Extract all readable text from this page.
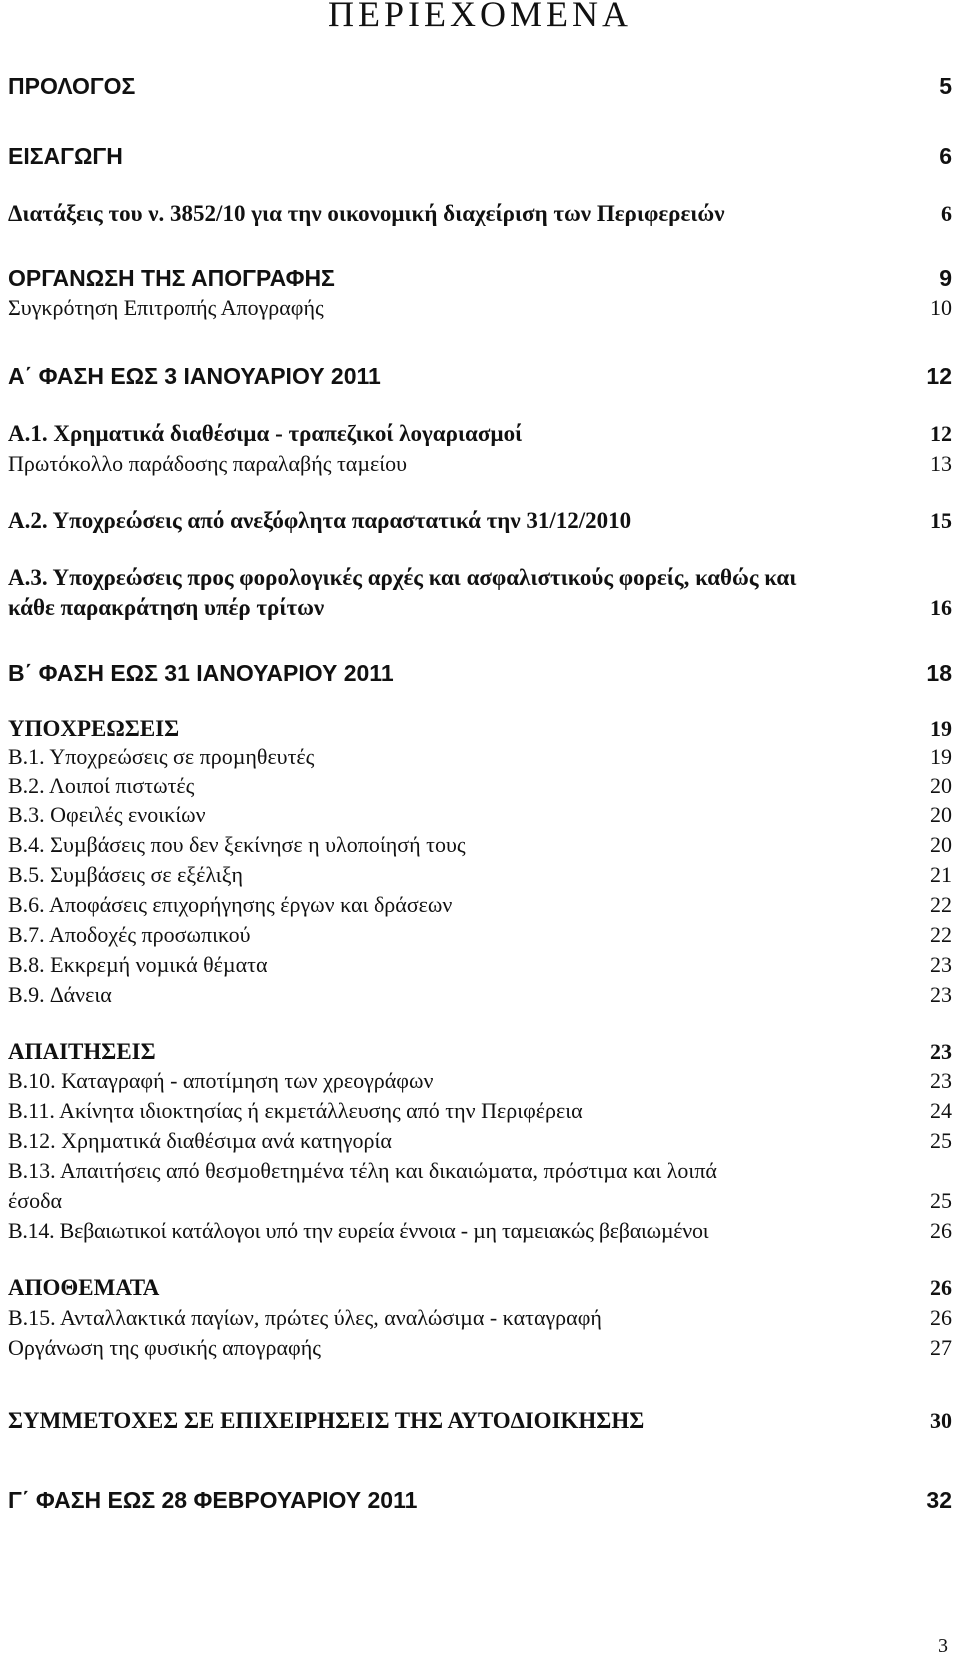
ΠΕΡΙΕΧΟΜΕΝΑ
ΠΡΟΛΟΓΟΣ	5
ΕΙΣΑΓΩΓΗ	6
Διατάξεις του ν. 3852/10 για την οικονομική διαχείριση των Περιφερειών	6
ΟΡΓΑΝΩΣΗ ΤΗΣ ΑΠΟΓΡΑΦΗΣ	9
Συγκρότηση Επιτροπής Απογραφής	10
Α΄ ΦΑΣΗ ΕΩΣ 3 ΙΑΝΟΥΑΡΙΟΥ 2011	12
Α.1. Χρηµατικά διαθέσιµα - τραπεζικοί λογαριασµοί	12
Πρωτόκολλο παράδοσης παραλαβής ταµείου	13
Α.2. Υποχρεώσεις από ανεξόφλητα παραστατικά την 31/12/2010	15
Α.3. Υποχρεώσεις προς φορολογικές αρχές και ασφαλιστικούς φορείς, καθώς και
κάθε παρακράτηση υπέρ τρίτων	16
Β΄ ΦΑΣΗ ΕΩΣ 31 ΙΑΝΟΥΑΡΙΟΥ 2011	18
ΥΠΟΧΡΕΩΣΕΙΣ	19
Β.1. Υποχρεώσεις σε προµηθευτές	19
Β.2. Λοιποί πιστωτές	20
Β.3. Οφειλές ενοικίων	20
Β.4. Συµβάσεις που δεν ξεκίνησε η υλοποίησή τους	20
Β.5. Συµβάσεις σε εξέλιξη	21
Β.6. Αποφάσεις επιχορήγησης έργων και δράσεων	22
Β.7. Αποδοχές προσωπικού	22
Β.8. Εκκρεµή νοµικά θέµατα	23
Β.9. ∆άνεια	23
ΑΠΑΙΤΗΣΕΙΣ	23
Β.10. Καταγραφή - αποτίµηση των χρεογράφων	23
Β.11. Ακίνητα ιδιοκτησίας ή εκµετάλλευσης από την Περιφέρεια	24
Β.12. Χρηµατικά διαθέσιµα ανά κατηγορία	25
Β.13. Απαιτήσεις από θεσµοθετηµένα τέλη και δικαιώµατα, πρόστιµα και λοιπά
έσοδα	25
Β.14. Βεβαιωτικοί κατάλογοι υπό την ευρεία έννοια - µη ταµειακώς βεβαιωµένοι	26
ΑΠΟΘΕΜΑΤΑ	26
Β.15. Ανταλλακτικά παγίων, πρώτες ύλες, αναλώσιµα - καταγραφή	26
Οργάνωση της φυσικής απογραφής	27
ΣΥΜΜΕΤΟΧΕΣ ΣΕ ΕΠΙΧΕΙΡΗΣΕΙΣ ΤΗΣ ΑΥΤΟ∆ΙΟΙΚΗΣΗΣ	30
Γ΄ ΦΑΣΗ ΕΩΣ 28 ΦΕΒΡΟΥΑΡΙΟΥ 2011	32
3
